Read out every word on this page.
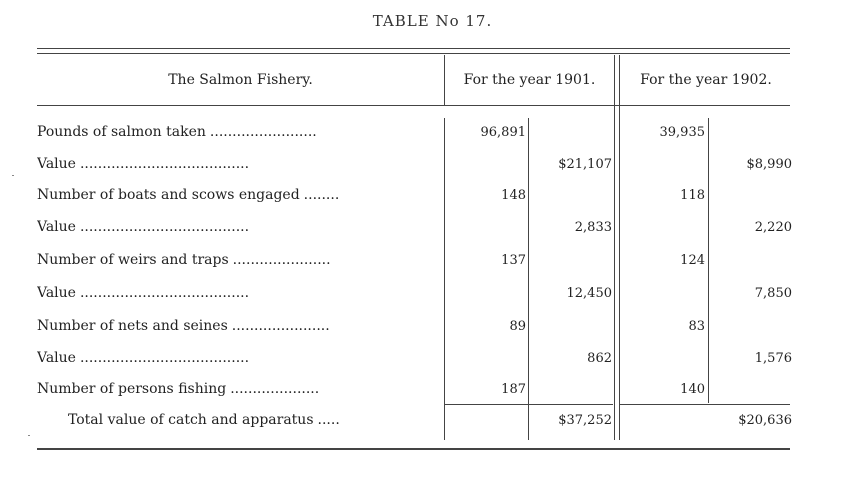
TABLE No 17.
The Salmon Fishery.	For the year 1901.	For the year 1902.
Pounds of salmon taken ........................	96,891	39,935
Value ......................................	$21,107	$8,990
Number of boats and scows engaged ........	148	118
Value ......................................	2,833	2,220
Number of weirs and traps ......................	137	124
Value ......................................	12,450	7,850
Number of nets and seines ......................	89	83
Value ......................................	862	1,576
Number of persons fishing ....................	187	140
Total value of catch and apparatus .....	$37,252	$20,636
